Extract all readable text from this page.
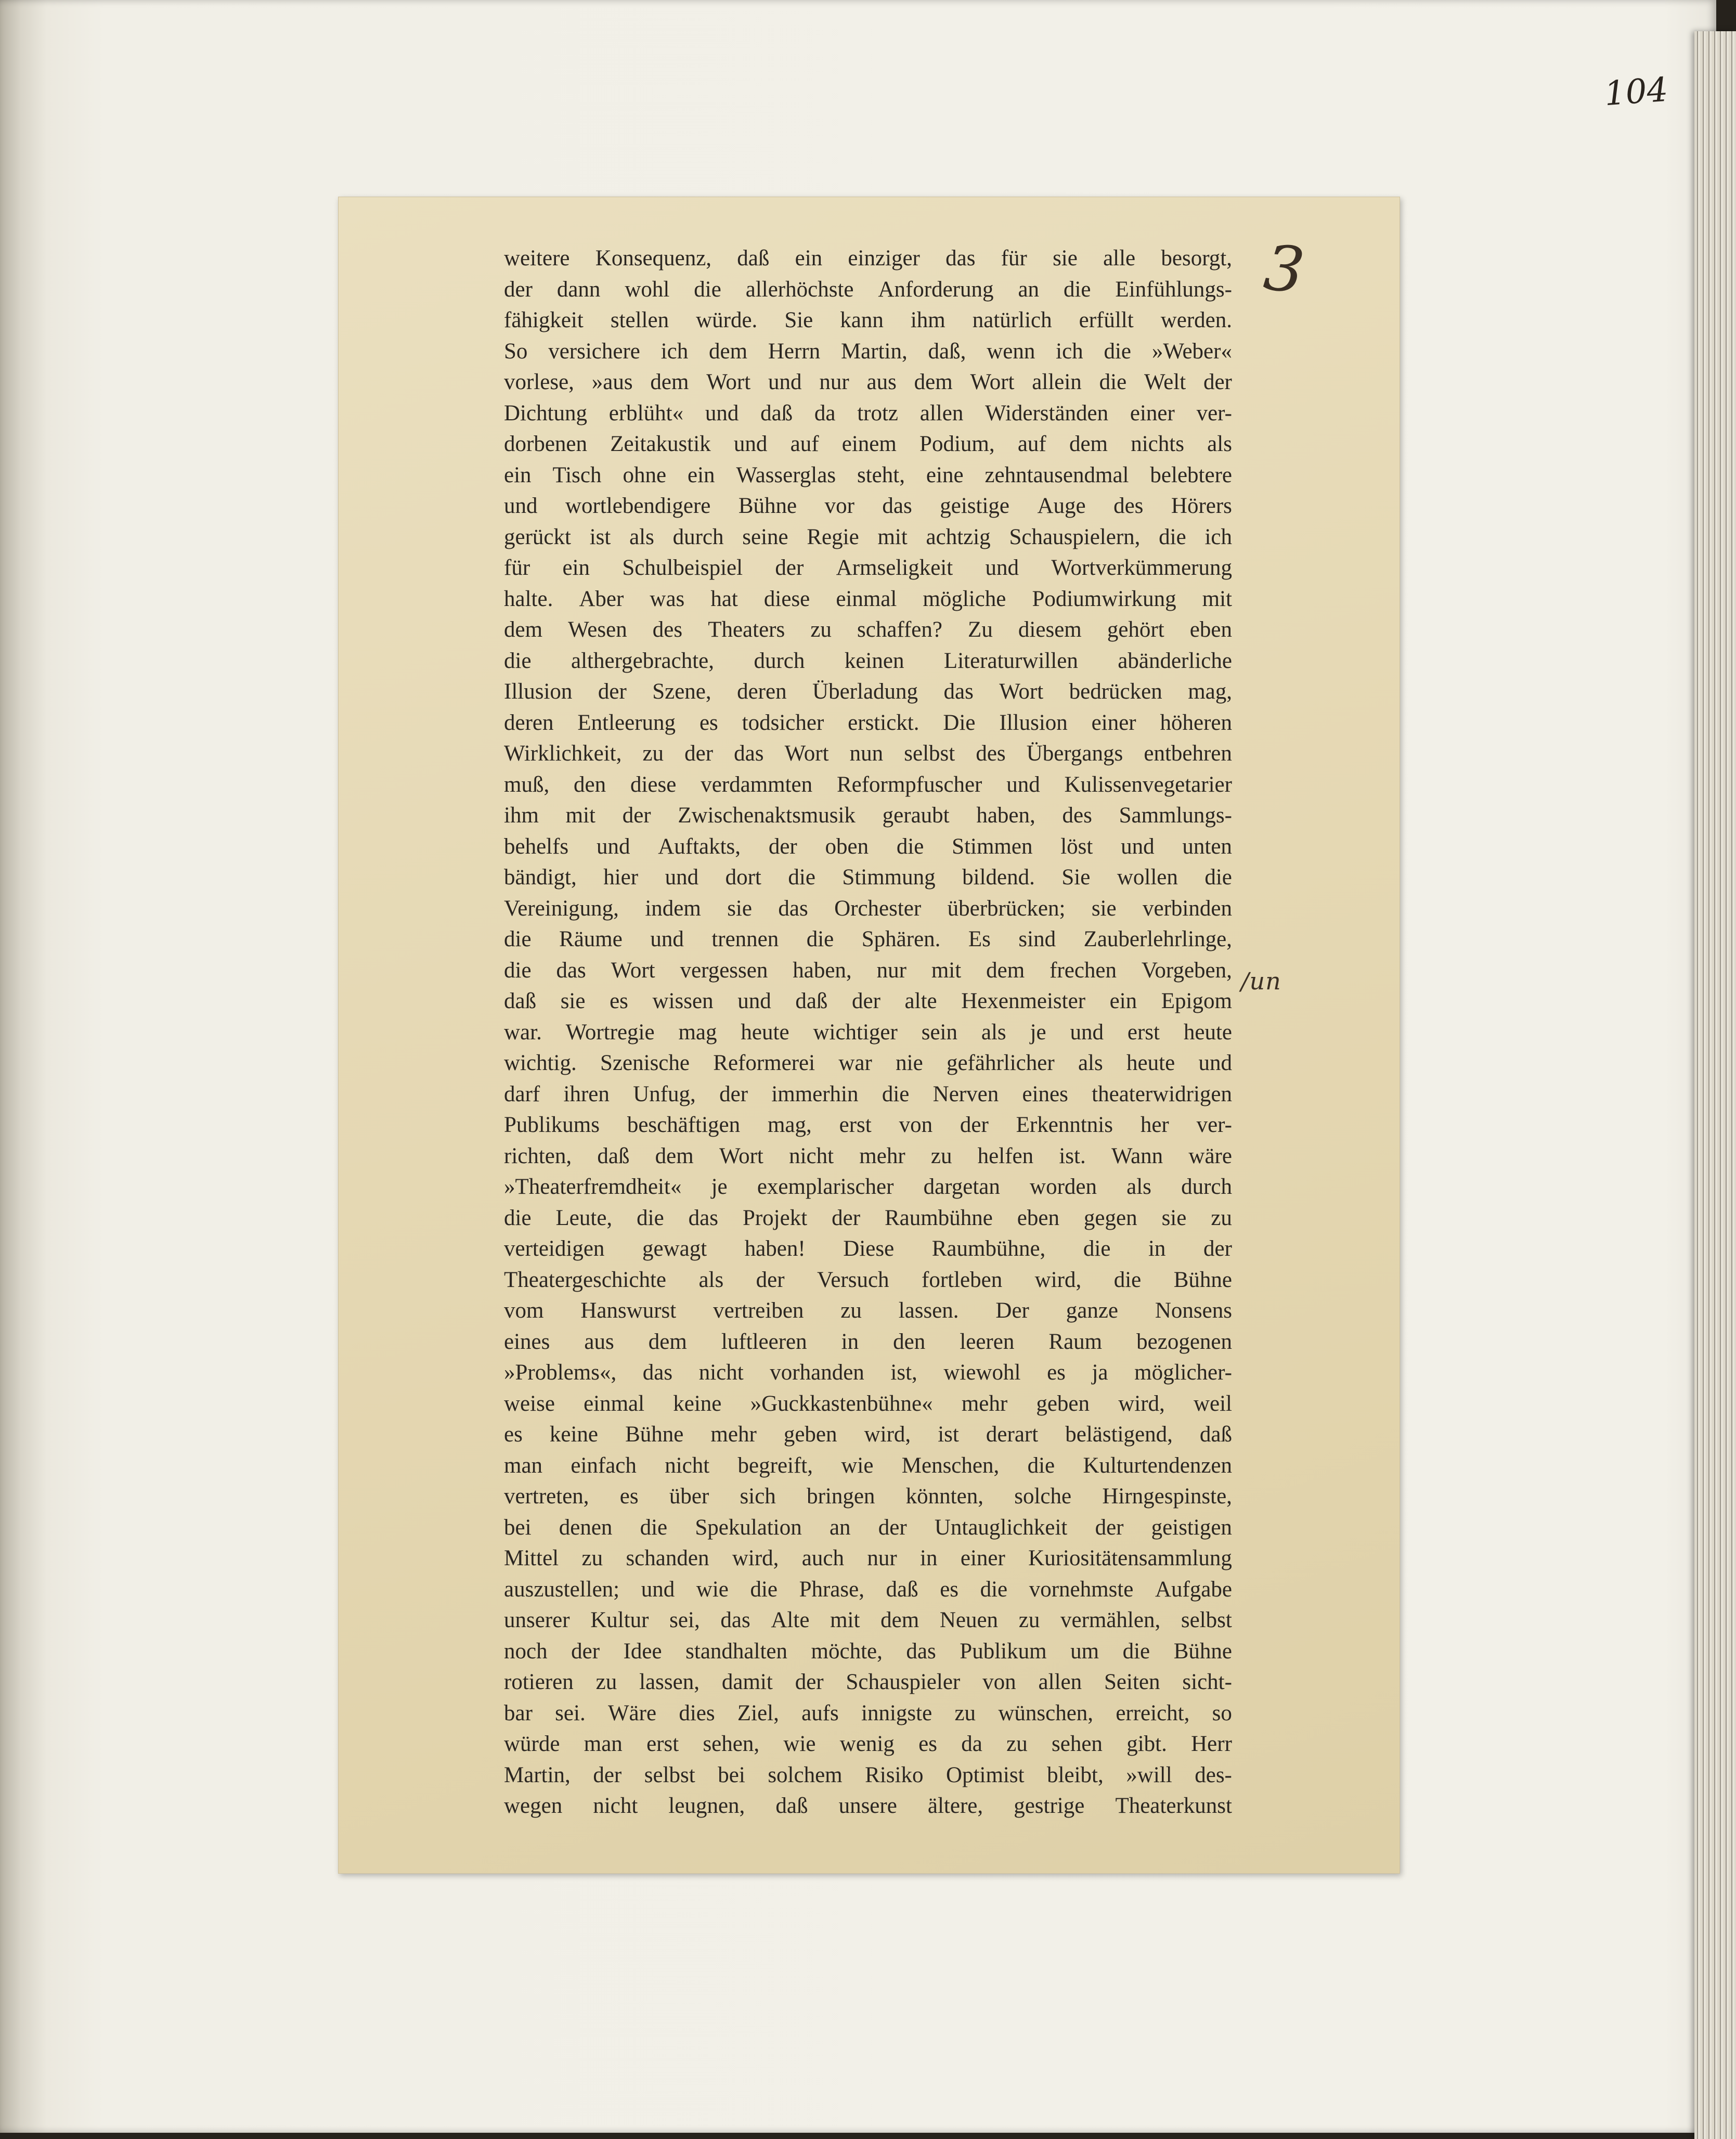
104
3
/un
weitere Konsequenz, daß ein einziger das für sie alle besorgt,
der dann wohl die allerhöchste Anforderung an die Einfühlungs-
fähigkeit stellen würde. Sie kann ihm natürlich erfüllt werden.
So versichere ich dem Herrn Martin, daß, wenn ich die »Weber«
vorlese, »aus dem Wort und nur aus dem Wort allein die Welt der
Dichtung erblüht« und daß da trotz allen Widerständen einer ver-
dorbenen Zeitakustik und auf einem Podium, auf dem nichts als
ein Tisch ohne ein Wasserglas steht, eine zehntausendmal belebtere
und wortlebendigere Bühne vor das geistige Auge des Hörers
gerückt ist als durch seine Regie mit achtzig Schauspielern, die ich
für ein Schulbeispiel der Armseligkeit und Wortverkümmerung
halte. Aber was hat diese einmal mögliche Podiumwirkung mit
dem Wesen des Theaters zu schaffen? Zu diesem gehört eben
die althergebrachte, durch keinen Literaturwillen abänderliche
Illusion der Szene, deren Überladung das Wort bedrücken mag,
deren Entleerung es todsicher erstickt. Die Illusion einer höheren
Wirklichkeit, zu der das Wort nun selbst des Übergangs entbehren
muß, den diese verdammten Reformpfuscher und Kulissenvegetarier
ihm mit der Zwischenaktsmusik geraubt haben, des Sammlungs-
behelfs und Auftakts, der oben die Stimmen löst und unten
bändigt, hier und dort die Stimmung bildend. Sie wollen die
Vereinigung, indem sie das Orchester überbrücken; sie verbinden
die Räume und trennen die Sphären. Es sind Zauberlehrlinge,
die das Wort vergessen haben, nur mit dem frechen Vorgeben,
daß sie es wissen und daß der alte Hexenmeister ein Epigom
war. Wortregie mag heute wichtiger sein als je und erst heute
wichtig. Szenische Reformerei war nie gefährlicher als heute und
darf ihren Unfug, der immerhin die Nerven eines theaterwidrigen
Publikums beschäftigen mag, erst von der Erkenntnis her ver-
richten, daß dem Wort nicht mehr zu helfen ist. Wann wäre
»Theaterfremdheit« je exemplarischer dargetan worden als durch
die Leute, die das Projekt der Raumbühne eben gegen sie zu
verteidigen gewagt haben! Diese Raumbühne, die in der
Theatergeschichte als der Versuch fortleben wird, die Bühne
vom Hanswurst vertreiben zu lassen. Der ganze Nonsens
eines aus dem luftleeren in den leeren Raum bezogenen
»Problems«, das nicht vorhanden ist, wiewohl es ja möglicher-
weise einmal keine »Guckkastenbühne« mehr geben wird, weil
es keine Bühne mehr geben wird, ist derart belästigend, daß
man einfach nicht begreift, wie Menschen, die Kulturtendenzen
vertreten, es über sich bringen könnten, solche Hirngespinste,
bei denen die Spekulation an der Untauglichkeit der geistigen
Mittel zu schanden wird, auch nur in einer Kuriositätensammlung
auszustellen; und wie die Phrase, daß es die vornehmste Aufgabe
unserer Kultur sei, das Alte mit dem Neuen zu vermählen, selbst
noch der Idee standhalten möchte, das Publikum um die Bühne
rotieren zu lassen, damit der Schauspieler von allen Seiten sicht-
bar sei. Wäre dies Ziel, aufs innigste zu wünschen, erreicht, so
würde man erst sehen, wie wenig es da zu sehen gibt. Herr
Martin, der selbst bei solchem Risiko Optimist bleibt, »will des-
wegen nicht leugnen, daß unsere ältere, gestrige Theaterkunst
